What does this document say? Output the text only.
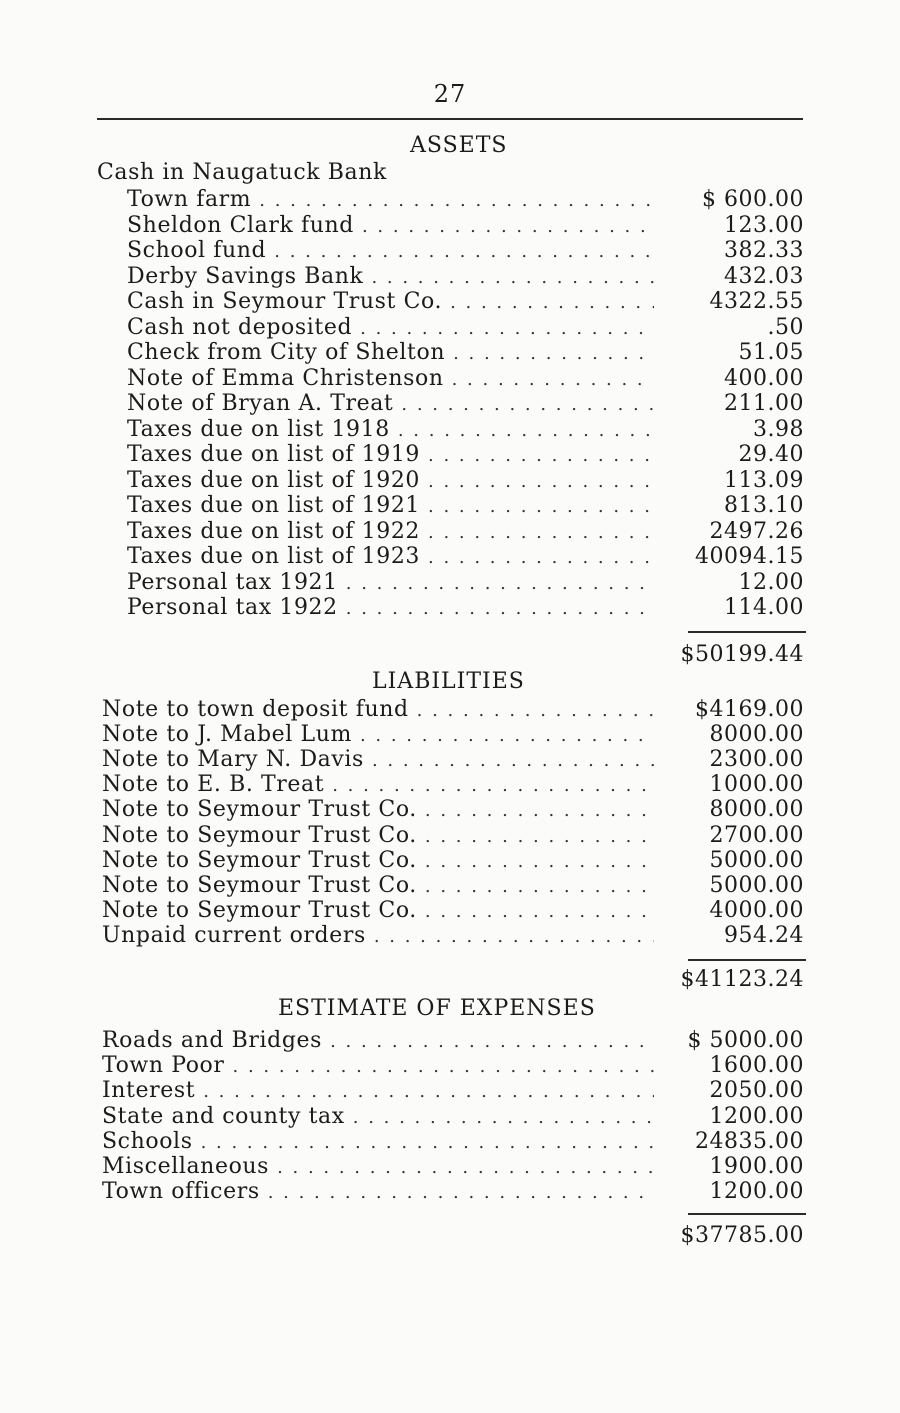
27
ASSETS
Cash in Naugatuck Bank
Town farm . . .	$ 600.00
Sheldon Clark fund . . .	123.00
School fund . . .	382.33
Derby Savings Bank . . .	432.03
Cash in Seymour Trust Co. . . .	4322.55
Cash not deposited . . .	.50
Check from City of Shelton . . .	51.05
Note of Emma Christenson . . .	400.00
Note of Bryan A. Treat . . .	211.00
Taxes due on list 1918 . . .	3.98
Taxes due on list of 1919 . . .	29.40
Taxes due on list of 1920 . . .	113.09
Taxes due on list of 1921 . . .	813.10
Taxes due on list of 1922 . . .	2497.26
Taxes due on list of 1923 . . .	40094.15
Personal tax 1921 . . .	12.00
Personal tax 1922 . . .	114.00
$50199.44
LIABILITIES
Note to town deposit fund . . .	$4169.00
Note to J. Mabel Lum . . .	8000.00
Note to Mary N. Davis . . .	2300.00
Note to E. B. Treat . . .	1000.00
Note to Seymour Trust Co. . . .	8000.00
Note to Seymour Trust Co. . . .	2700.00
Note to Seymour Trust Co. . . .	5000.00
Note to Seymour Trust Co. . . .	5000.00
Note to Seymour Trust Co. . . .	4000.00
Unpaid current orders . . .	954.24
$41123.24
ESTIMATE OF EXPENSES
Roads and Bridges . . .	$ 5000.00
Town Poor . . .	1600.00
Interest . . .	2050.00
State and county tax . . .	1200.00
Schools . . .	24835.00
Miscellaneous . . .	1900.00
Town officers . . .	1200.00
$37785.00
